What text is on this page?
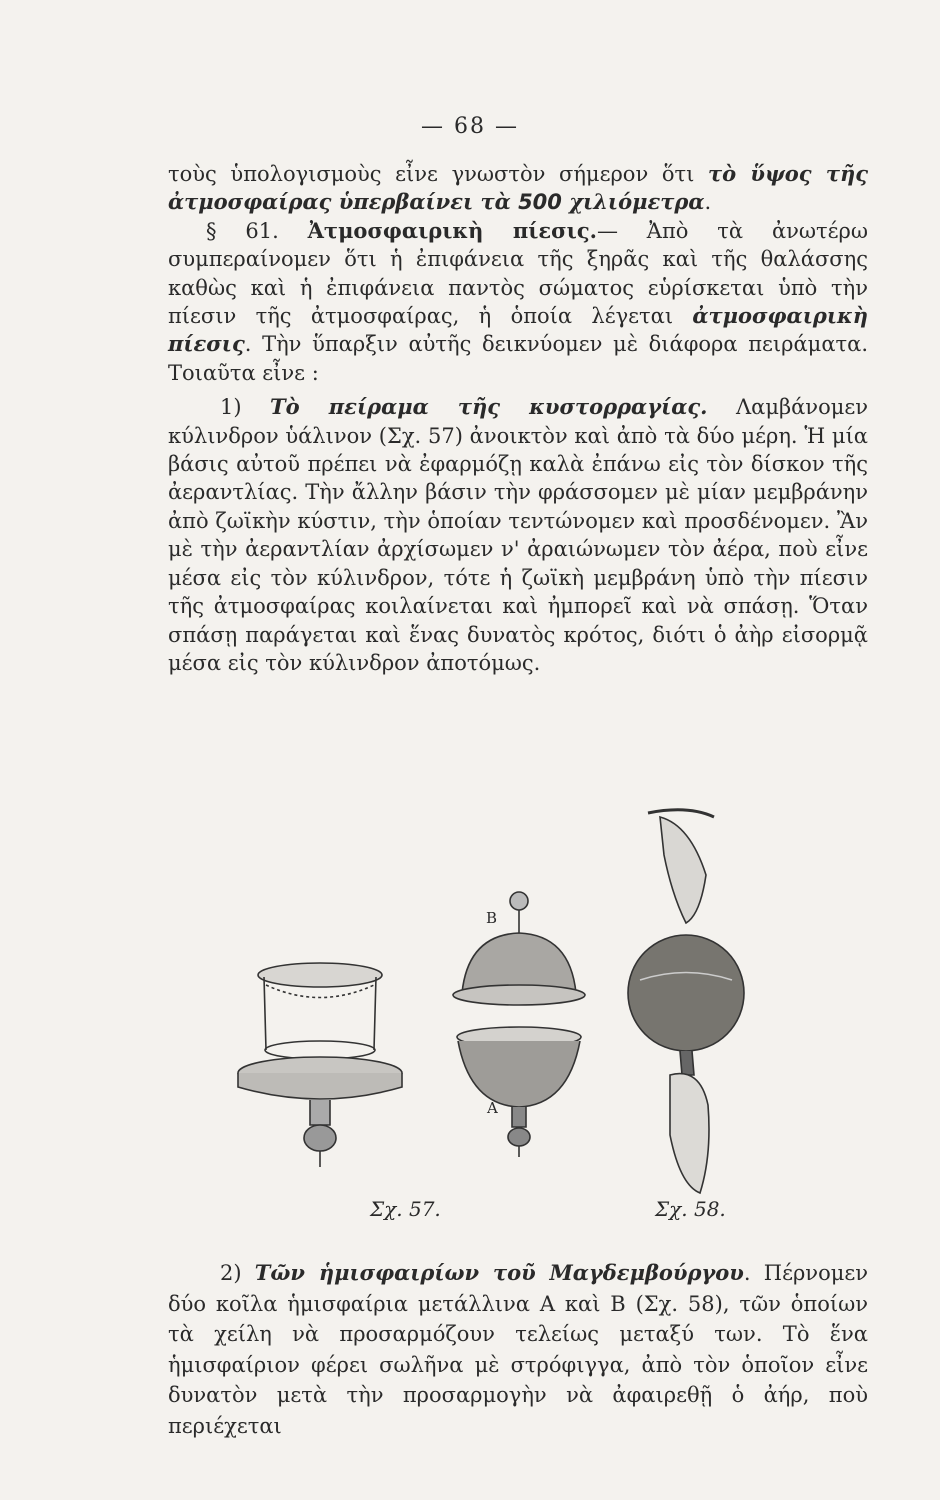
— 68 —

τοὺς ὑπολογισμοὺς εἶνε γνωστὸν σήμερον ὅτι τὸ ὕψος τῆς ἀτμοσφαίρας ὑπερβαίνει τὰ 500 χιλιόμετρα.

§ 61. Ἀτμοσφαιρικὴ πίεσις.— Ἀπὸ τὰ ἀνωτέρω συμπεραίνομεν ὅτι ἡ ἐπιφάνεια τῆς ξηρᾶς καὶ τῆς θαλάσσης καθὼς καὶ ἡ ἐπιφάνεια παντὸς σώματος εὑρίσκεται ὑπὸ τὴν πίεσιν τῆς ἀτμοσφαίρας, ἡ ὁποία λέγεται ἀτμοσφαιρικὴ πίεσις. Τὴν ὕπαρξιν αὐτῆς δεικνύομεν μὲ διάφορα πειράματα. Τοιαῦτα εἶνε :

1) Τὸ πείραμα τῆς κυστορραγίας. Λαμβάνομεν κύλινδρον ὑάλινον (Σχ. 57) ἀνοικτὸν καὶ ἀπὸ τὰ δύο μέρη. Ἡ μία βάσις αὐτοῦ πρέπει νὰ ἐφαρμόζῃ καλὰ ἐπάνω εἰς τὸν δίσκον τῆς ἀεραντλίας. Τὴν ἄλλην βάσιν τὴν φράσσομεν μὲ μίαν μεμβράνην ἀπὸ ζωϊκὴν κύστιν, τὴν ὁποίαν τεντώνομεν καὶ προσδένομεν. Ἂν μὲ τὴν ἀεραντλίαν ἀρχίσωμεν ν' ἀραιώνωμεν τὸν ἀέρα, ποὺ εἶνε μέσα εἰς τὸν κύλινδρον, τότε ἡ ζωϊκὴ μεμβράνη ὑπὸ τὴν πίεσιν τῆς ἀτμοσφαίρας κοιλαίνεται καὶ ἠμπορεῖ καὶ νὰ σπάσῃ. Ὅταν σπάσῃ παράγεται καὶ ἕνας δυνατὸς κρότος, διότι ὁ ἀὴρ εἰσορμᾷ μέσα εἰς τὸν κύλινδρον ἀποτόμως.

B
A
Σχ. 57.	Σχ. 58.

2) Τῶν ἡμισφαιρίων τοῦ Μαγδεμβούργου. Πέρνομεν δύο κοῖλα ἡμισφαίρια μετάλλινα A καὶ B (Σχ. 58), τῶν ὁποίων τὰ χείλη νὰ προσαρμόζουν τελείως μεταξύ των. Τὸ ἕνα ἡμισφαίριον φέρει σωλῆνα μὲ στρόφιγγα, ἀπὸ τὸν ὁποῖον εἶνε δυνατὸν μετὰ τὴν προσαρμογὴν νὰ ἀφαιρεθῇ ὁ ἀήρ, ποὺ περιέχεται
